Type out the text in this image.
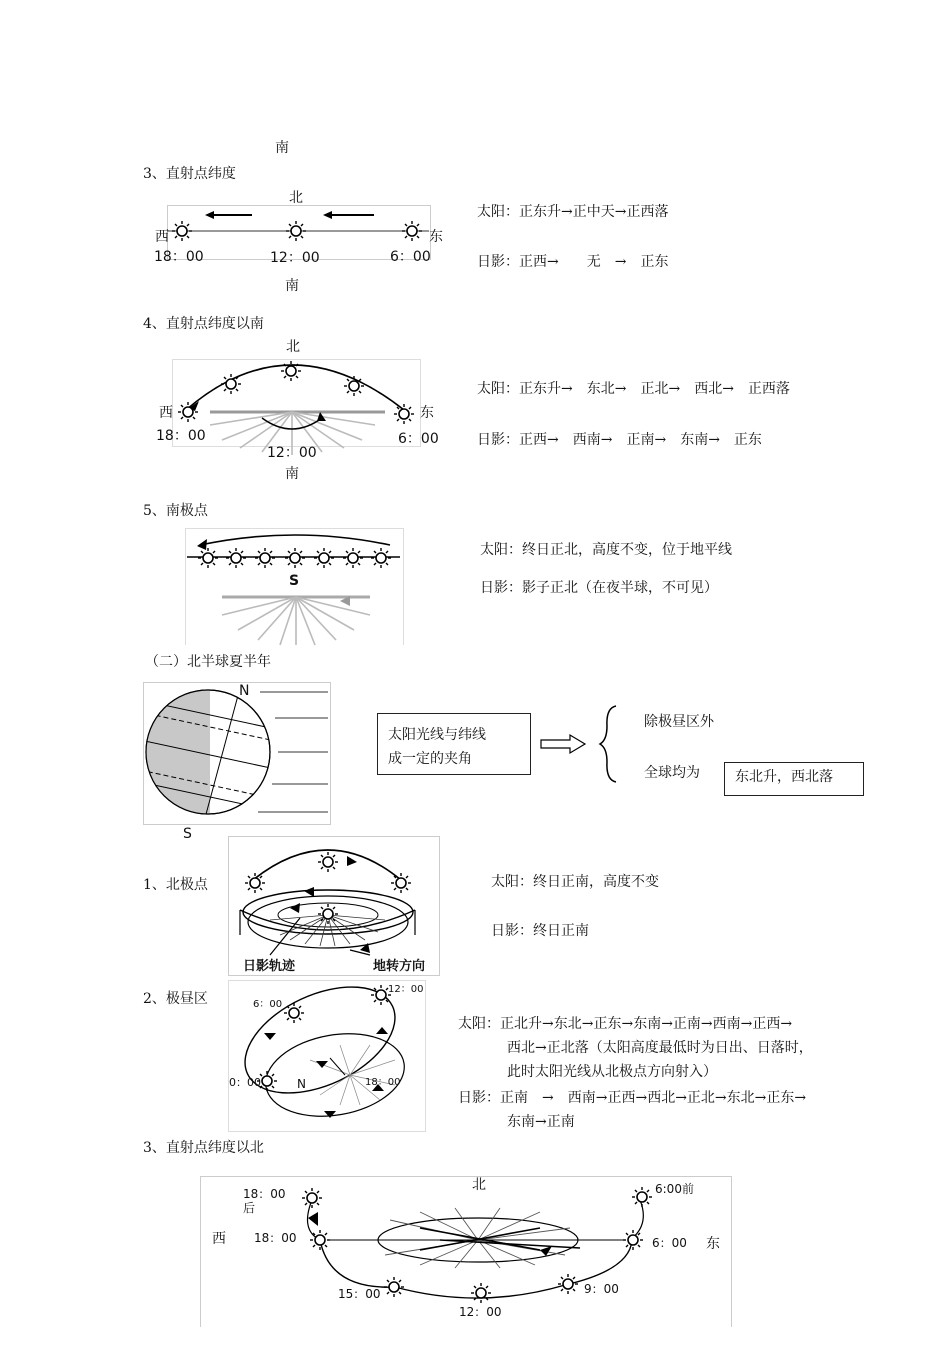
南
3、直射点纬度
北
西	东
18：00	12：00	6：00
南
太阳：正东升→正中天→正西落
日影：正西→　　无　→　正东
4、直射点纬度以南
北
西	东
18：00
12：00
6：00
南
太阳：正东升→　东北→　正北→　西北→　正西落
日影：正西→　西南→　正南→　东南→　正东
5、南极点
S
太阳：终日正北，高度不变，位于地平线
日影：影子正北（在夜半球，不可见）
（二）北半球夏半年
N
S
太阳光线与纬线
成一定的夹角
除极昼区外
全球均为	东北升，西北落
1、北极点
日影轨迹	地转方向
太阳：终日正南，高度不变
日影：终日正南
2、极昼区	6：00
12：00
0：00	18：00
N
太阳：正北升→东北→正东→东南→正南→西南→正西→
西北→正北落（太阳高度最低时为日出、日落时，
此时太阳光线从北极点方向射入）
日影：正南　→　西南→正西→西北→正北→东北→正东→
东南→正南
3、直射点纬度以北
北
西	东
18：00
后
6:00前
18：00	6：00
15：00
12：00
9：00
